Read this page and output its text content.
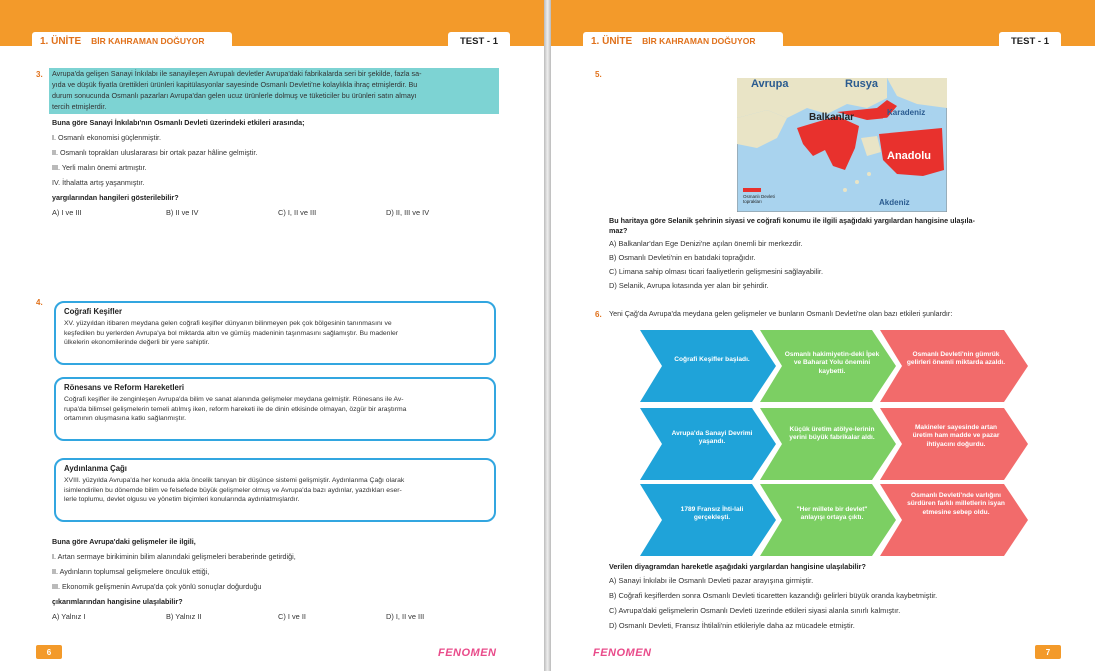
1. ÜNİTE BİR KAHRAMAN DOĞUYOR	TEST - 1
3. Avrupa'da gelişen Sanayi İnkılabı ile sanayileşen Avrupalı devletler Avrupa'daki fabrikalarda seri bir şekilde, fazla sa-
yıda ve düşük fiyatla ürettikleri ürünleri kapitülasyonlar sayesinde Osmanlı Devleti'ne kolaylıkla ihraç etmişlerdir. Bu
durum sonucunda Osmanlı pazarları Avrupa'dan gelen ucuz ürünlerle dolmuş ve tüketiciler bu ürünleri satın almayı
tercih etmişlerdir.
Buna göre Sanayi İnkılabı'nın Osmanlı Devleti üzerindeki etkileri arasında;
I. Osmanlı ekonomisi güçlenmiştir.
II. Osmanlı toprakları uluslararası bir ortak pazar hâline gelmiştir.
III. Yerli malın önemi artmıştır.
IV. İthalatta artış yaşanmıştır.
yargılarından hangileri gösterilebilir?
A) I ve III	B) II ve IV	C) I, II ve III	D) II, III ve IV
4.
Coğrafi Keşifler
XV. yüzyıldan itibaren meydana gelen coğrafi keşifler dünyanın bilinmeyen pek çok bölgesinin tanınmasını ve
keşfedilen bu yerlerden Avrupa'ya bol miktarda altın ve gümüş madeninin taşınmasını sağlamıştır. Bu madenler
ülkelerin ekonomilerinde değerli bir yere sahiptir.
Rönesans ve Reform Hareketleri
Coğrafi keşifler ile zenginleşen Avrupa'da bilim ve sanat alanında gelişmeler meydana gelmiştir. Rönesans ile Av-
rupa'da bilimsel gelişmelerin temeli atılmış iken, reform hareketi ile de dinin etkisinde olmayan, özgür bir araştırma
ortamının oluşmasına katkı sağlanmıştır.
Aydınlanma Çağı
XVIII. yüzyılda Avrupa'da her konuda akla öncelik tanıyan bir düşünce sistemi gelişmiştir. Aydınlanma Çağı olarak
isimlendirilen bu dönemde bilim ve felsefede büyük gelişmeler olmuş ve Avrupa'da bazı aydınlar, yazdıkları eser-
lerle toplumu, devlet olgusu ve yönetim biçimleri konularında aydınlatmışlardır.
Buna göre Avrupa'daki gelişmeler ile ilgili,
I. Artan sermaye birikiminin bilim alanındaki gelişmeleri beraberinde getirdiği,
II. Aydınların toplumsal gelişmelere önculük ettiği,
III. Ekonomik gelişmenin Avrupa'da çok yönlü sonuçlar doğurduğu
çıkarımlarından hangisine ulaşılabilir?
A) Yalnız I	B) Yalnız II	C) I ve II	D) I, II ve III
6	FENOMEN
1. ÜNİTE BİR KAHRAMAN DOĞUYOR	TEST - 1
5.
Bu haritaya göre Selanik şehrinin siyasi ve coğrafi konumu ile ilgili aşağıdaki yargılardan hangisine ulaşıla-
maz?
A) Balkanlar'dan Ege Denizi'ne açılan önemli bir merkezdir.
B) Osmanlı Devleti'nin en batıdaki toprağıdır.
C) Limana sahip olması ticari faaliyetlerin gelişmesini sağlayabilir.
D) Selanik, Avrupa kıtasında yer alan bir şehirdir.
6. Yeni Çağ'da Avrupa'da meydana gelen gelişmeler ve bunların Osmanlı Devleti'ne olan bazı etkileri şunlardır:
Verilen diyagramdan hareketle aşağıdaki yargılardan hangisine ulaşılabilir?
A) Sanayi İnkılabı ile Osmanlı Devleti pazar arayışına girmiştir.
B) Coğrafi keşiflerden sonra Osmanlı Devleti ticaretten kazandığı gelirleri büyük oranda kaybetmiştir.
C) Avrupa'daki gelişmelerin Osmanlı Devleti üzerinde etkileri siyasi alanla sınırlı kalmıştır.
D) Osmanlı Devleti, Fransız İhtilali'nin etkileriyle daha az mücadele etmiştir.
FENOMEN	7
Avrupa	Rusya
Balkanlar	Karadeniz
Anadolu
Akdeniz
Osmanlı Devleti toprakları
Coğrafi Keşifler başladı.
Osmanlı hakimiyetin-deki İpek ve Baharat Yolu önemini kaybetti.
Osmanlı Devleti'nin gümrük gelirleri önemli miktarda azaldı.
Avrupa'da Sanayi Devrimi yaşandı.
Küçük üretim atölye-lerinin yerini büyük fabrikalar aldı.
Makineler sayesinde artan üretim ham madde ve pazar ihtiyacını doğurdu.
1789 Fransız İhti-lali gerçekleşti.
"Her millete bir devlet" anlayışı ortaya çıktı.
Osmanlı Devleti'nde varlığını sürdüren farklı milletlerin isyan etmesine sebep oldu.
